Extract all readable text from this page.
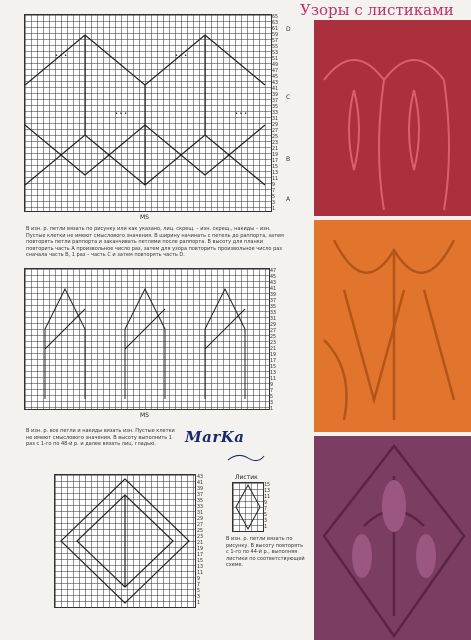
Узоры с листиками
• • •	• • •
• • •	• • •
65
63
61
59
57
55
53
51
49
47
45
43
41
39
37
35
33
31
29
27
25
23
21
19
17
15
13
11
9
7
5
3
1
D
C
B
A
MS
В изн. р. петли вязать по рисунку или как указано, лиц. скрещ. – изн. скрещ., накиды – изн. Пустые клетки не имеют смыслового значения. В ширину начинать с петель до раппорта, затем повторять петли раппорта и заканчивать петлями после раппорта. В высоту для планки повторить часть A произвольное число раз, затем для узора повторить произвольное число раз сначала часть B, 1 раз – часть C и затем повторять часть D.
47
45
43
41
39
37
35
33
31
29
27
25
23
21
19
17
15
13
11
9
7
5
3
1
MS
В изн. р. все петли и накиды вязать изн. Пустые клетки не имеют смыслового значения. В высоту выполнить 1 раз с 1-го по 48-й р. и далее вязать лиц. гладью.	MarKa
43
41
39
37
35
33
31
29
27
25
23
21
19
17
15
13
11
9
7
5
3
1
Листик
15
13
11
9
7
5
3
1
В изн. р. петли вязать по рисунку. В высоту повторять с 1-го по 44-й р., выполняя листики по соответствующей схеме.
